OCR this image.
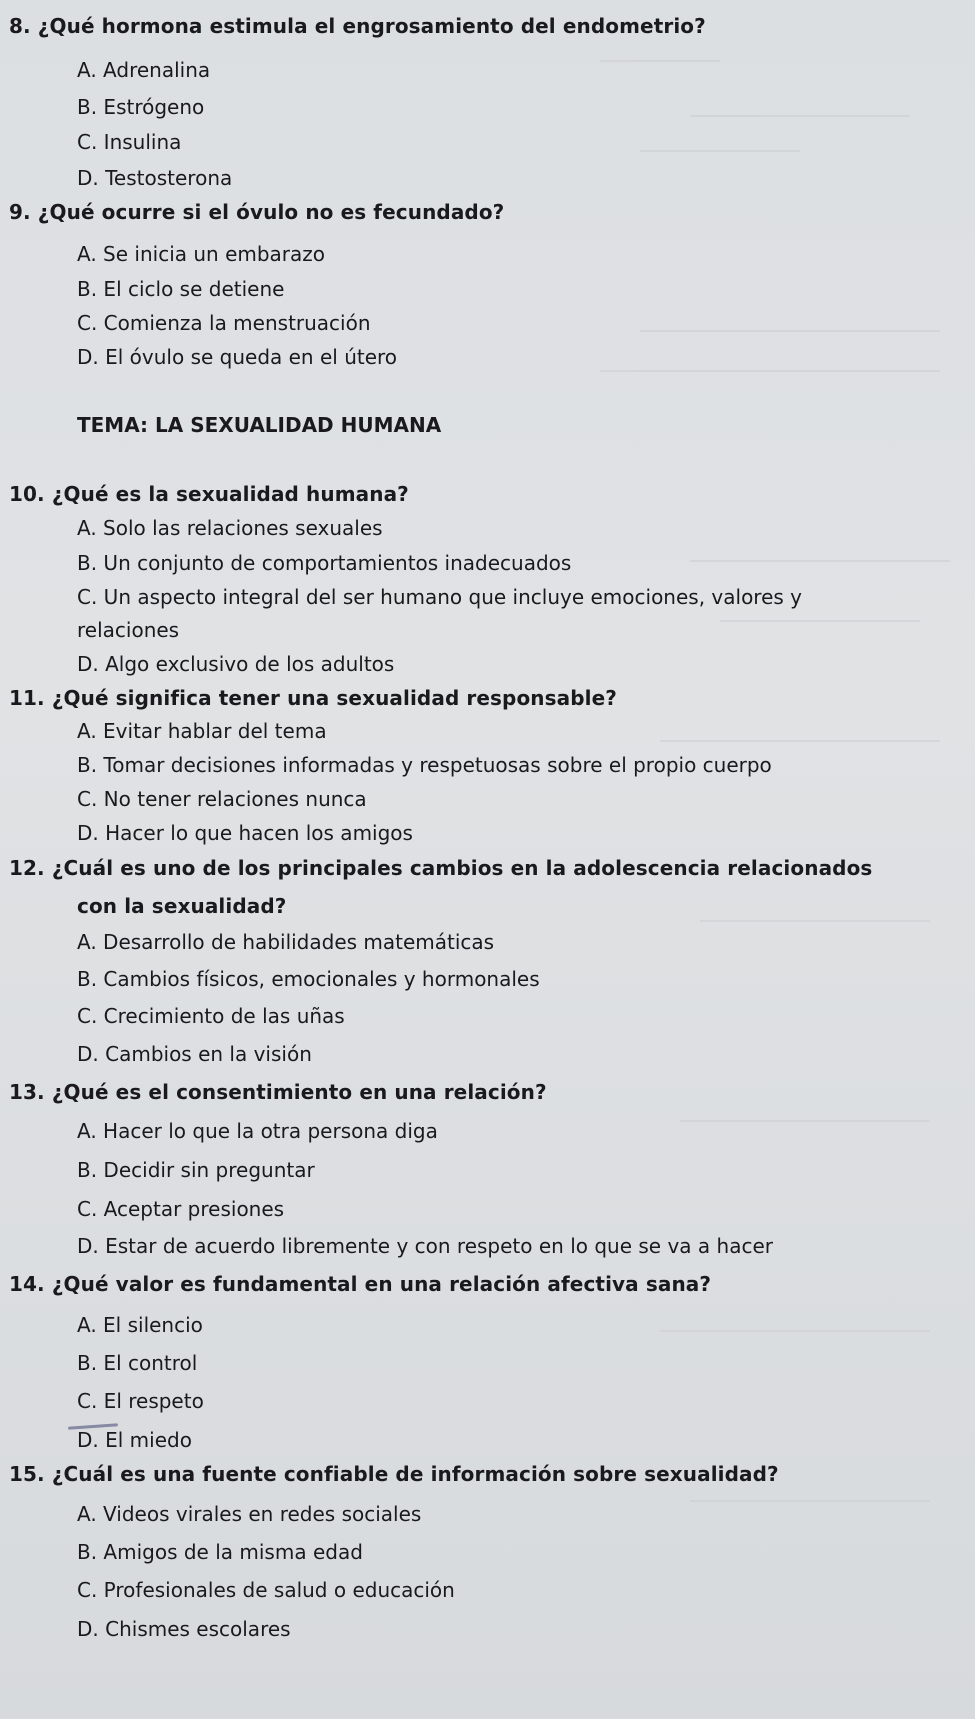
8. ¿Qué hormona estimula el engrosamiento del endometrio?
A. Adrenalina
B. Estrógeno
C. Insulina
D. Testosterona
9. ¿Qué ocurre si el óvulo no es fecundado?
A. Se inicia un embarazo
B. El ciclo se detiene
C. Comienza la menstruación
D. El óvulo se queda en el útero
TEMA: LA SEXUALIDAD HUMANA
10. ¿Qué es la sexualidad humana?
A. Solo las relaciones sexuales
B. Un conjunto de comportamientos inadecuados
C. Un aspecto integral del ser humano que incluye emociones, valores y
relaciones
D. Algo exclusivo de los adultos
11. ¿Qué significa tener una sexualidad responsable?
A. Evitar hablar del tema
B. Tomar decisiones informadas y respetuosas sobre el propio cuerpo
C. No tener relaciones nunca
D. Hacer lo que hacen los amigos
12. ¿Cuál es uno de los principales cambios en la adolescencia relacionados
con la sexualidad?
A. Desarrollo de habilidades matemáticas
B. Cambios físicos, emocionales y hormonales
C. Crecimiento de las uñas
D. Cambios en la visión
13. ¿Qué es el consentimiento en una relación?
A. Hacer lo que la otra persona diga
B. Decidir sin preguntar
C. Aceptar presiones
D. Estar de acuerdo libremente y con respeto en lo que se va a hacer
14. ¿Qué valor es fundamental en una relación afectiva sana?
A. El silencio
B. El control
C. El respeto
D. El miedo
15. ¿Cuál es una fuente confiable de información sobre sexualidad?
A. Videos virales en redes sociales
B. Amigos de la misma edad
C. Profesionales de salud o educación
D. Chismes escolares
